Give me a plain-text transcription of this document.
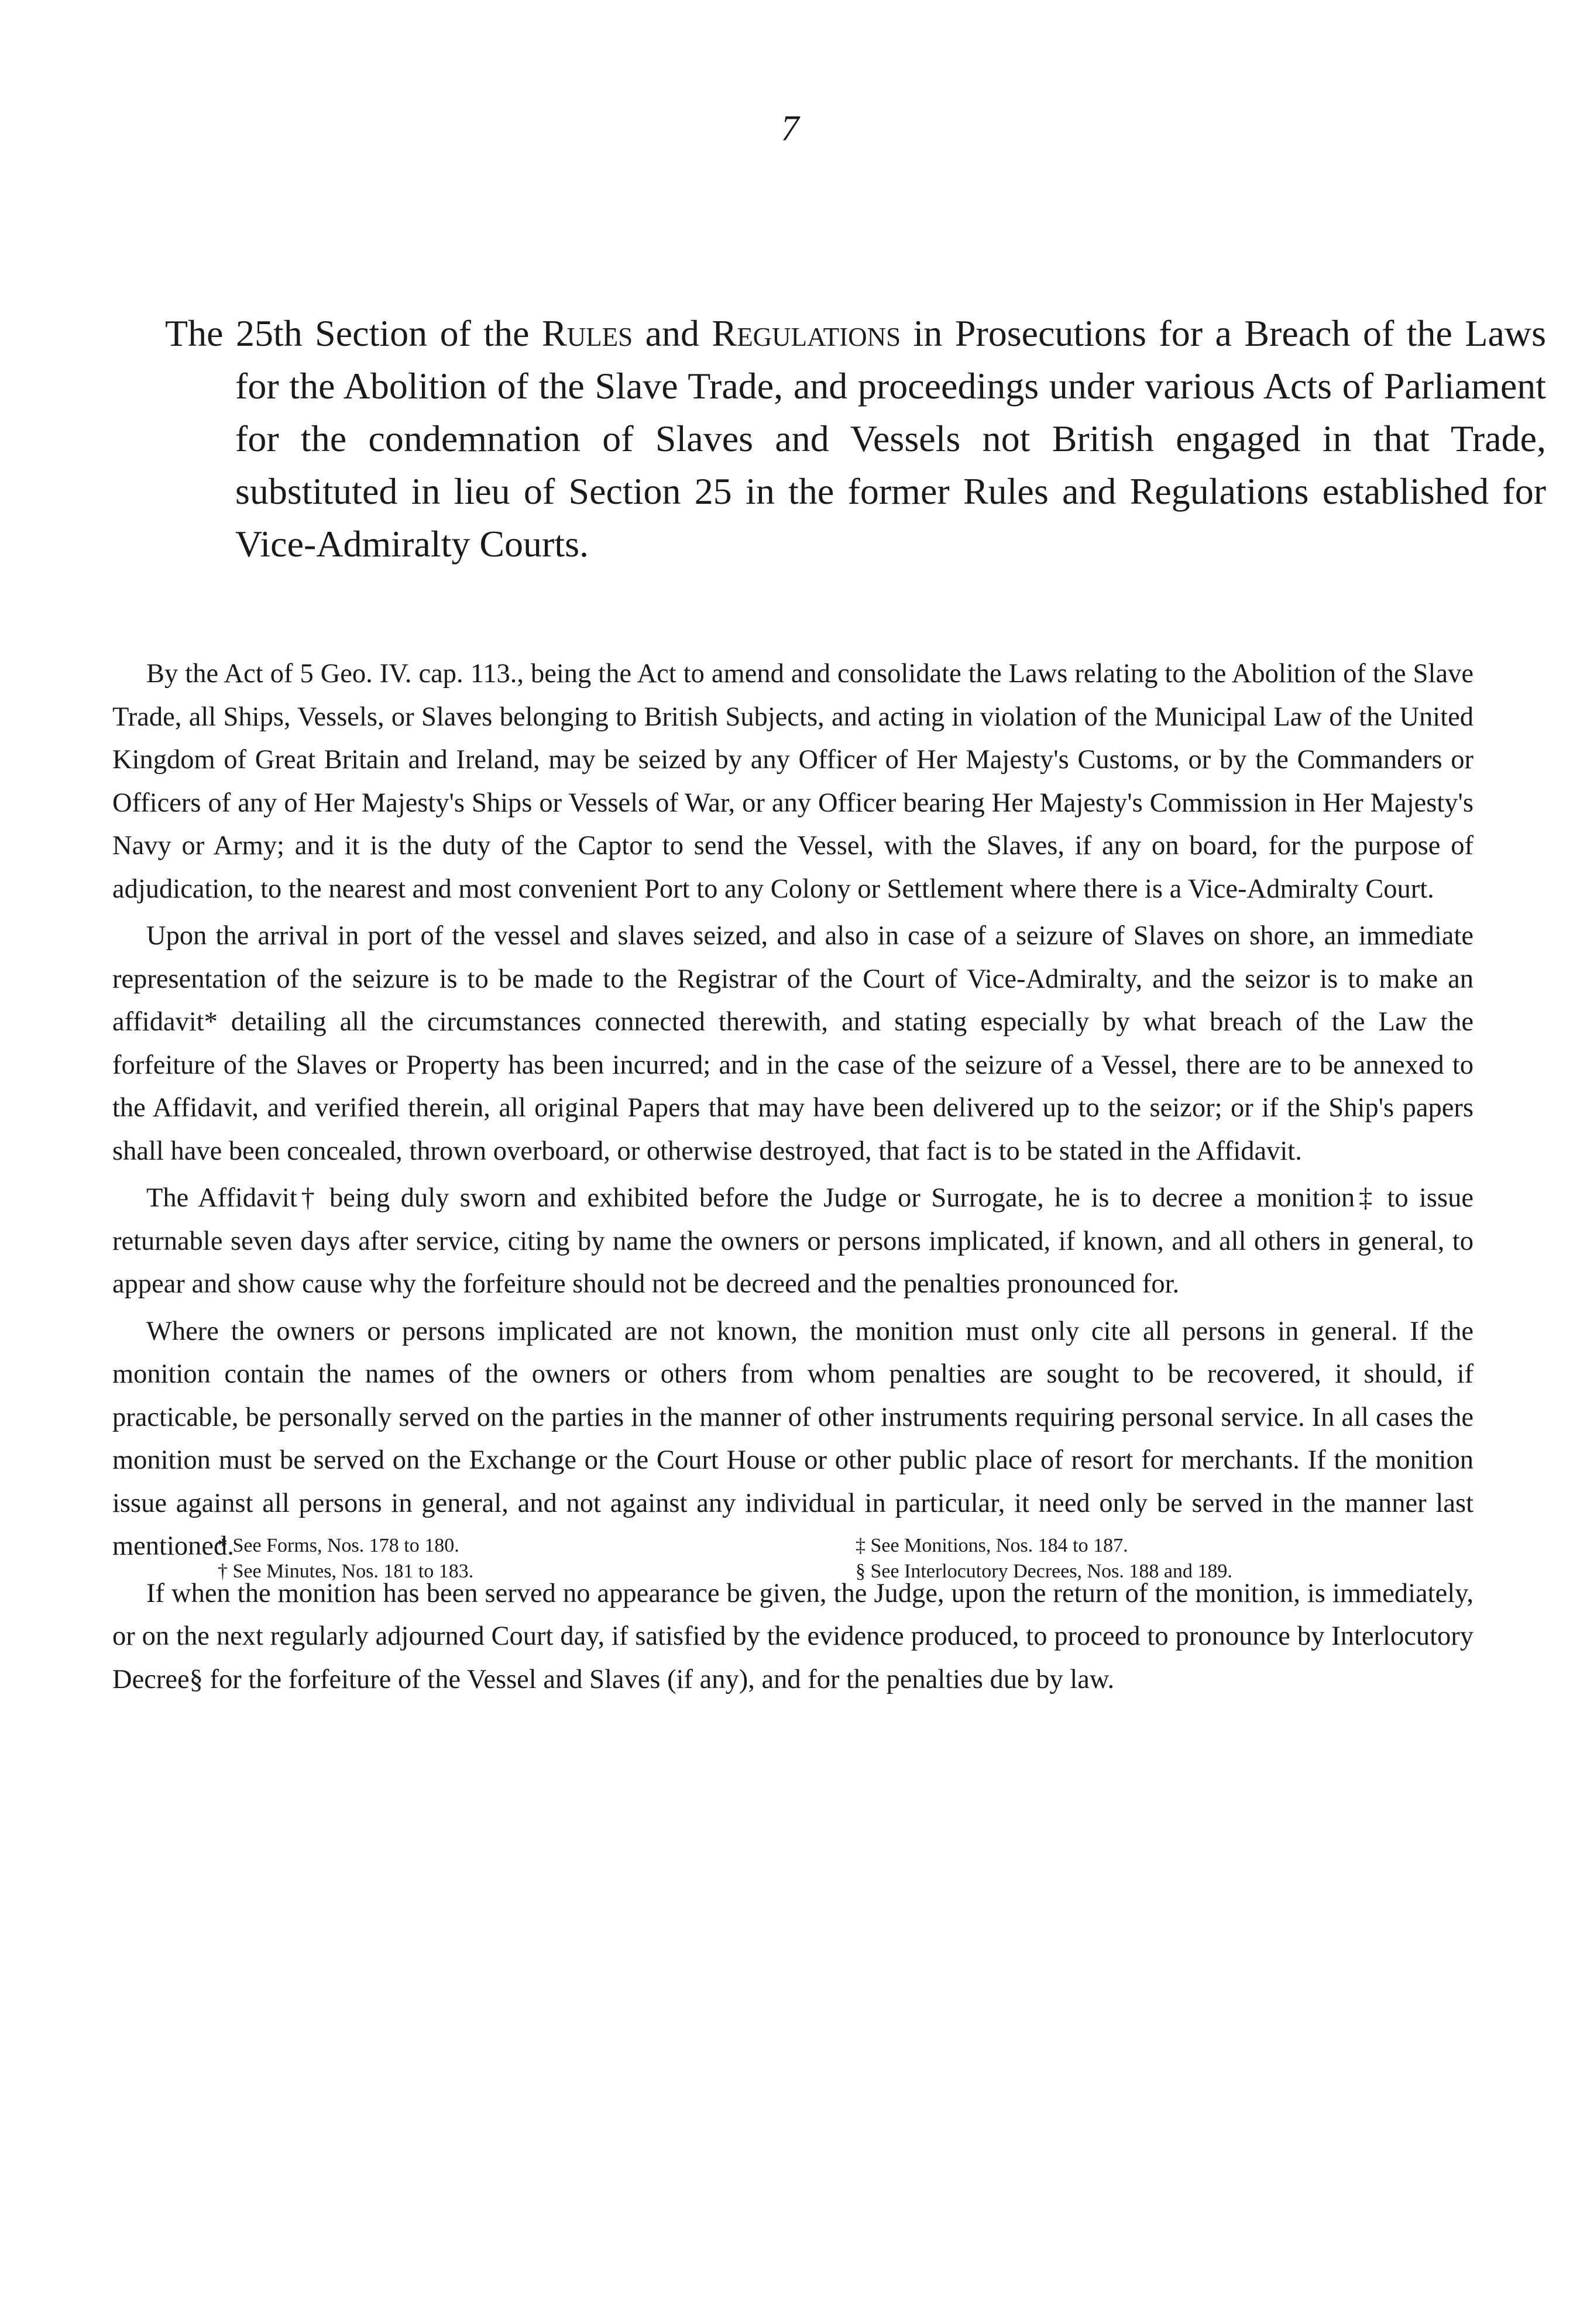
7
The 25th Section of the Rules and Regulations in Prosecutions for a Breach of the Laws for the Abolition of the Slave Trade, and proceedings under various Acts of Parliament for the condemnation of Slaves and Vessels not British engaged in that Trade, substituted in lieu of Section 25 in the former Rules and Regulations established for Vice-Admiralty Courts.

By the Act of 5 Geo. IV. cap. 113., being the Act to amend and consolidate the Laws relating to the Abolition of the Slave Trade, all Ships, Vessels, or Slaves belonging to British Subjects, and acting in violation of the Municipal Law of the United Kingdom of Great Britain and Ireland, may be seized by any Officer of Her Majesty's Customs, or by the Commanders or Officers of any of Her Majesty's Ships or Vessels of War, or any Officer bearing Her Majesty's Commission in Her Majesty's Navy or Army; and it is the duty of the Captor to send the Vessel, with the Slaves, if any on board, for the purpose of adjudication, to the nearest and most convenient Port to any Colony or Settlement where there is a Vice-Admiralty Court.

Upon the arrival in port of the vessel and slaves seized, and also in case of a seizure of Slaves on shore, an immediate representation of the seizure is to be made to the Registrar of the Court of Vice-Admiralty, and the seizor is to make an affidavit* detailing all the circumstances connected therewith, and stating especially by what breach of the Law the forfeiture of the Slaves or Property has been incurred; and in the case of the seizure of a Vessel, there are to be annexed to the Affidavit, and verified therein, all original Papers that may have been delivered up to the seizor; or if the Ship's papers shall have been concealed, thrown overboard, or otherwise destroyed, that fact is to be stated in the Affidavit.

The Affidavit† being duly sworn and exhibited before the Judge or Surrogate, he is to decree a monition‡ to issue returnable seven days after service, citing by name the owners or persons implicated, if known, and all others in general, to appear and show cause why the forfeiture should not be decreed and the penalties pronounced for.

Where the owners or persons implicated are not known, the monition must only cite all persons in general. If the monition contain the names of the owners or others from whom penalties are sought to be recovered, it should, if practicable, be personally served on the parties in the manner of other instruments requiring personal service. In all cases the monition must be served on the Exchange or the Court House or other public place of resort for merchants. If the monition issue against all persons in general, and not against any individual in particular, it need only be served in the manner last mentioned.

If when the monition has been served no appearance be given, the Judge, upon the return of the monition, is immediately, or on the next regularly adjourned Court day, if satisfied by the evidence produced, to proceed to pronounce by Interlocutory Decree§ for the forfeiture of the Vessel and Slaves (if any), and for the penalties due by law.

* See Forms, Nos. 178 to 180.
† See Minutes, Nos. 181 to 183.
‡ See Monitions, Nos. 184 to 187.
§ See Interlocutory Decrees, Nos. 188 and 189.
